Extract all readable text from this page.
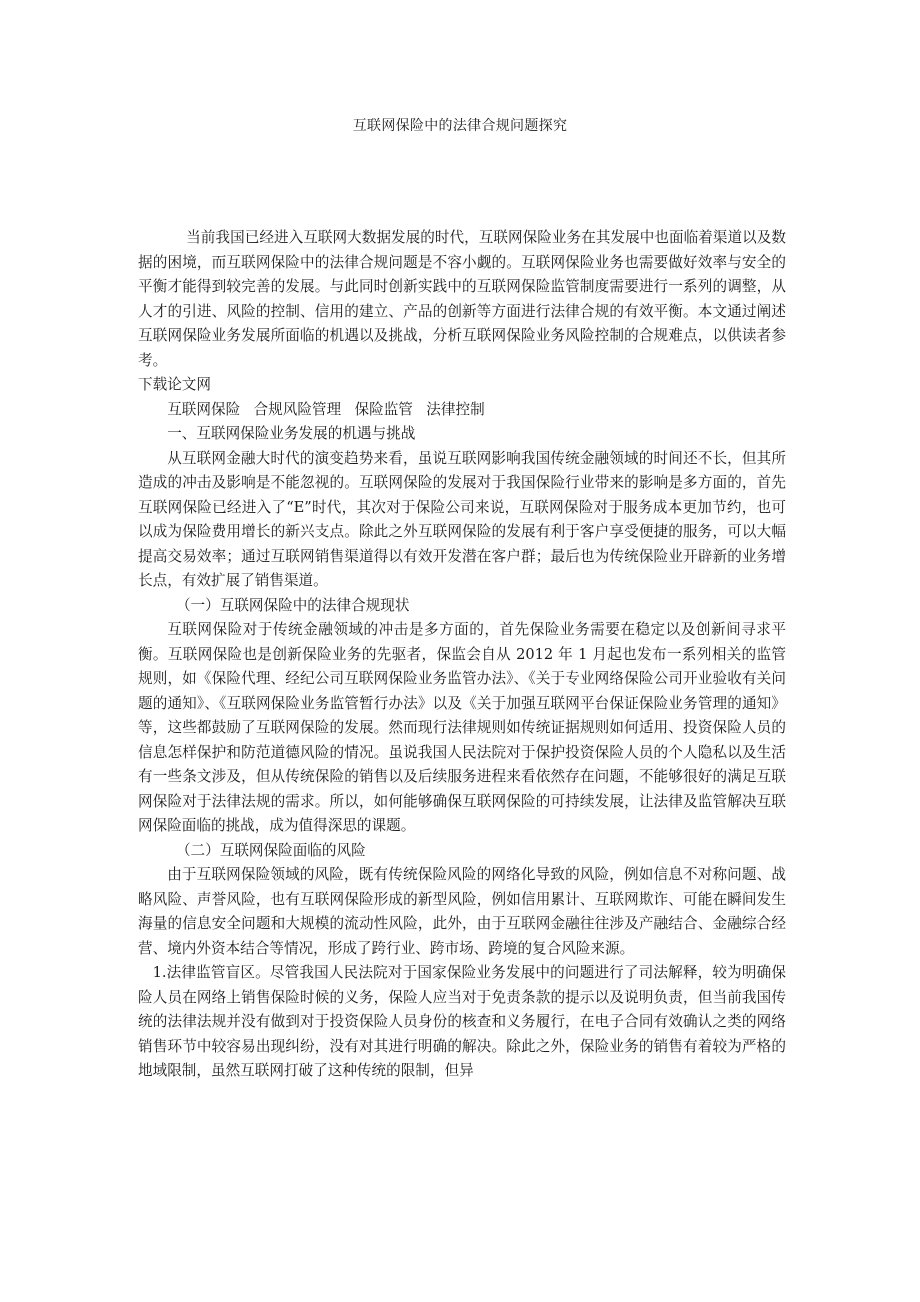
互联网保险中的法律合规问题探究

当前我国已经进入互联网大数据发展的时代，互联网保险业务在其发展中也面临着渠道以及数据的困境，而互联网保险中的法律合规问题是不容小觑的。互联网保险业务也需要做好效率与安全的平衡才能得到较完善的发展。与此同时创新实践中的互联网保险监管制度需要进行一系列的调整，从人才的引进、风险的控制、信用的建立、产品的创新等方面进行法律合规的有效平衡。本文通过阐述互联网保险业务发展所面临的机遇以及挑战，分析互联网保险业务风险控制的合规难点，以供读者参考。

下载论文网

互联网保险 合规风险管理 保险监管 法律控制

一、互联网保险业务发展的机遇与挑战

从互联网金融大时代的演变趋势来看，虽说互联网影响我国传统金融领域的时间还不长，但其所造成的冲击及影响是不能忽视的。互联网保险的发展对于我国保险行业带来的影响是多方面的，首先互联网保险已经进入了“E”时代，其次对于保险公司来说，互联网保险对于服务成本更加节约，也可以成为保险费用增长的新兴支点。除此之外互联网保险的发展有利于客户享受便捷的服务，可以大幅提高交易效率；通过互联网销售渠道得以有效开发潜在客户群；最后也为传统保险业开辟新的业务增长点，有效扩展了销售渠道。

（一）互联网保险中的法律合规现状

互联网保险对于传统金融领域的冲击是多方面的，首先保险业务需要在稳定以及创新间寻求平衡。互联网保险也是创新保险业务的先驱者，保监会自从 2012 年 1 月起也发布一系列相关的监管规则，如《保险代理、经纪公司互联网保险业务监管办法》、《关于专业网络保险公司开业验收有关问题的通知》、《互联网保险业务监管暂行办法》以及《关于加强互联网平台保证保险业务管理的通知》等，这些都鼓励了互联网保险的发展。然而现行法律规则如传统证据规则如何适用、投资保险人员的信息怎样保护和防范道德风险的情况。虽说我国人民法院对于保护投资保险人员的个人隐私以及生活有一些条文涉及，但从传统保险的销售以及后续服务进程来看依然存在问题，不能够很好的满足互联网保险对于法律法规的需求。所以，如何能够确保互联网保险的可持续发展，让法律及监管解决互联网保险面临的挑战，成为值得深思的课题。

（二）互联网保险面临的风险

由于互联网保险领域的风险，既有传统保险风险的网络化导致的风险，例如信息不对称问题、战略风险、声誉风险，也有互联网保险形成的新型风险，例如信用累计、互联网欺诈、可能在瞬间发生海量的信息安全问题和大规模的流动性风险，此外，由于互联网金融往往涉及产融结合、金融综合经营、境内外资本结合等情况，形成了跨行业、跨市场、跨境的复合风险来源。

1.法律监管盲区。尽管我国人民法院对于国家保险业务发展中的问题进行了司法解释，较为明确保险人员在网络上销售保险时候的义务，保险人应当对于免责条款的提示以及说明负责，但当前我国传统的法律法规并没有做到对于投资保险人员身份的核查和义务履行，在电子合同有效确认之类的网络销售环节中较容易出现纠纷，没有对其进行明确的解决。除此之外，保险业务的销售有着较为严格的地域限制，虽然互联网打破了这种传统的限制，但异
